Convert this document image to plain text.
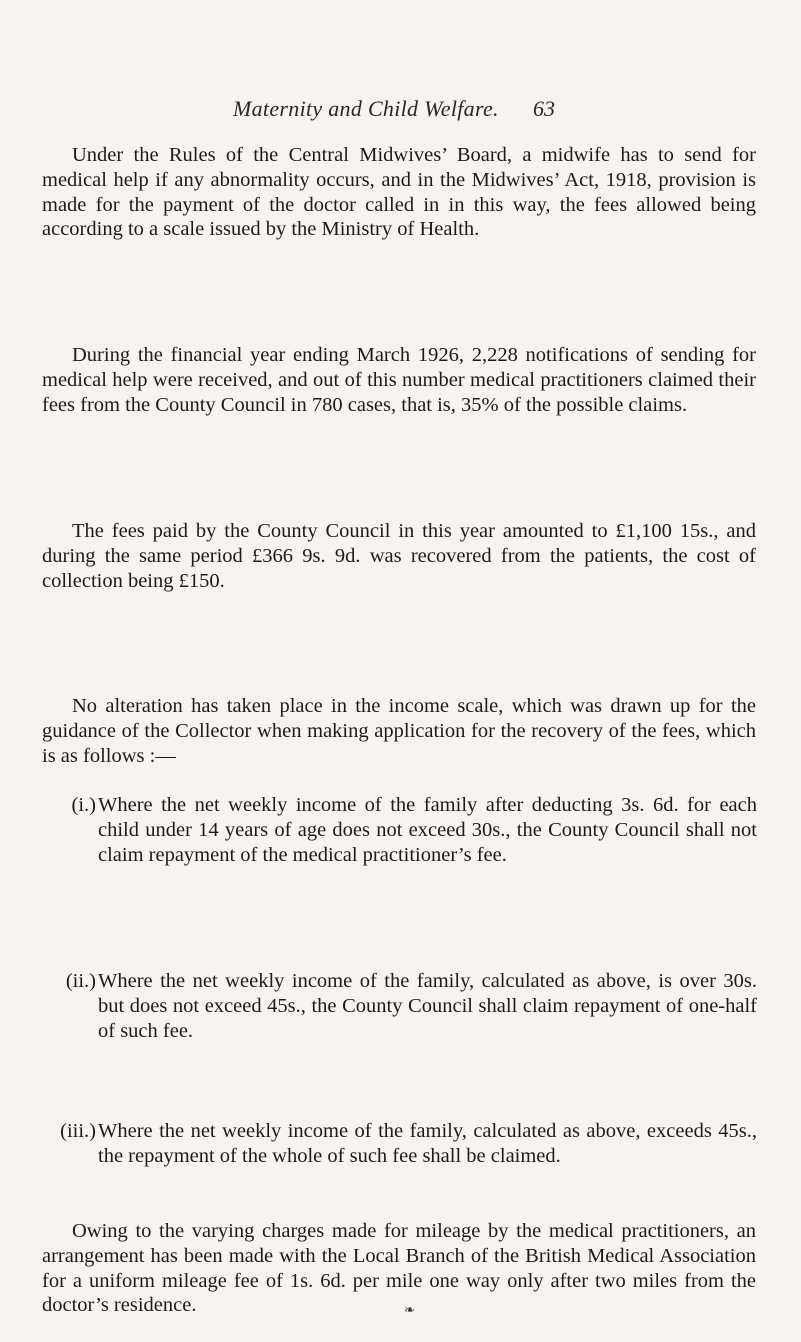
Maternity and Child Welfare. 63

Under the Rules of the Central Midwives’ Board, a midwife has to send for medical help if any abnormality occurs, and in the Midwives’ Act, 1918, provision is made for the payment of the doctor called in in this way, the fees allowed being according to a scale issued by the Ministry of Health.

During the financial year ending March 1926, 2,228 notifications of sending for medical help were received, and out of this number medical practitioners claimed their fees from the County Council in 780 cases, that is, 35% of the possible claims.

The fees paid by the County Council in this year amounted to £1,100 15s., and during the same period £366 9s. 9d. was recovered from the patients, the cost of collection being £150.

No alteration has taken place in the income scale, which was drawn up for the guidance of the Collector when making application for the recovery of the fees, which is as follows :—

(i.) Where the net weekly income of the family after deducting 3s. 6d. for each child under 14 years of age does not exceed 30s., the County Council shall not claim repayment of the medical practitioner’s fee.
(ii.) Where the net weekly income of the family, calculated as above, is over 30s. but does not exceed 45s., the County Council shall claim repayment of one-half of such fee.
(iii.) Where the net weekly income of the family, calculated as above, exceeds 45s., the repayment of the whole of such fee shall be claimed.

Owing to the varying charges made for mileage by the medical practitioners, an arrangement has been made with the Local Branch of the British Medical Association for a uniform mileage fee of 1s. 6d. per mile one way only after two miles from the doctor’s residence.	❧
